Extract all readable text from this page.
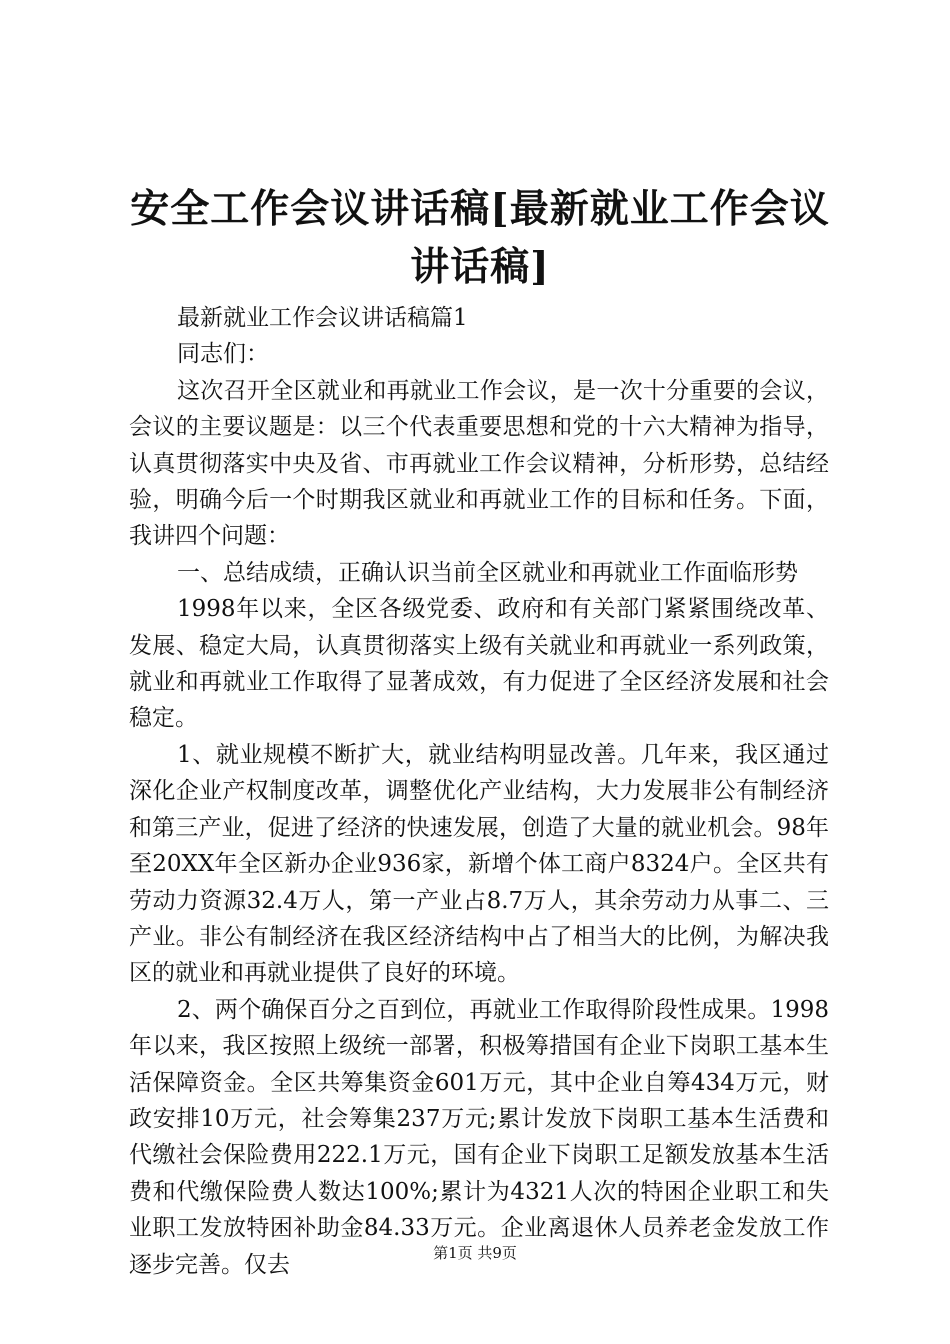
安全工作会议讲话稿[最新就业工作会议讲话稿]

最新就业工作会议讲话稿篇1

同志们：

这次召开全区就业和再就业工作会议，是一次十分重要的会议，会议的主要议题是：以三个代表重要思想和党的十六大精神为指导，认真贯彻落实中央及省、市再就业工作会议精神，分析形势，总结经验，明确今后一个时期我区就业和再就业工作的目标和任务。下面，我讲四个问题：

一、总结成绩，正确认识当前全区就业和再就业工作面临形势

1998年以来，全区各级党委、政府和有关部门紧紧围绕改革、发展、稳定大局，认真贯彻落实上级有关就业和再就业一系列政策，就业和再就业工作取得了显著成效，有力促进了全区经济发展和社会稳定。

1、就业规模不断扩大，就业结构明显改善。几年来，我区通过深化企业产权制度改革，调整优化产业结构，大力发展非公有制经济和第三产业，促进了经济的快速发展，创造了大量的就业机会。98年至20XX年全区新办企业936家，新增个体工商户8324户。全区共有劳动力资源32.4万人，第一产业占8.7万人，其余劳动力从事二、三产业。非公有制经济在我区经济结构中占了相当大的比例，为解决我区的就业和再就业提供了良好的环境。

2、两个确保百分之百到位，再就业工作取得阶段性成果。1998年以来，我区按照上级统一部署，积极筹措国有企业下岗职工基本生活保障资金。全区共筹集资金601万元，其中企业自筹434万元，财政安排10万元，社会筹集237万元;累计发放下岗职工基本生活费和代缴社会保险费用222.1万元，国有企业下岗职工足额发放基本生活费和代缴保险费人数达100%;累计为4321人次的特困企业职工和失业职工发放特困补助金84.33万元。企业离退休人员养老金发放工作逐步完善。仅去	第1页 共9页
